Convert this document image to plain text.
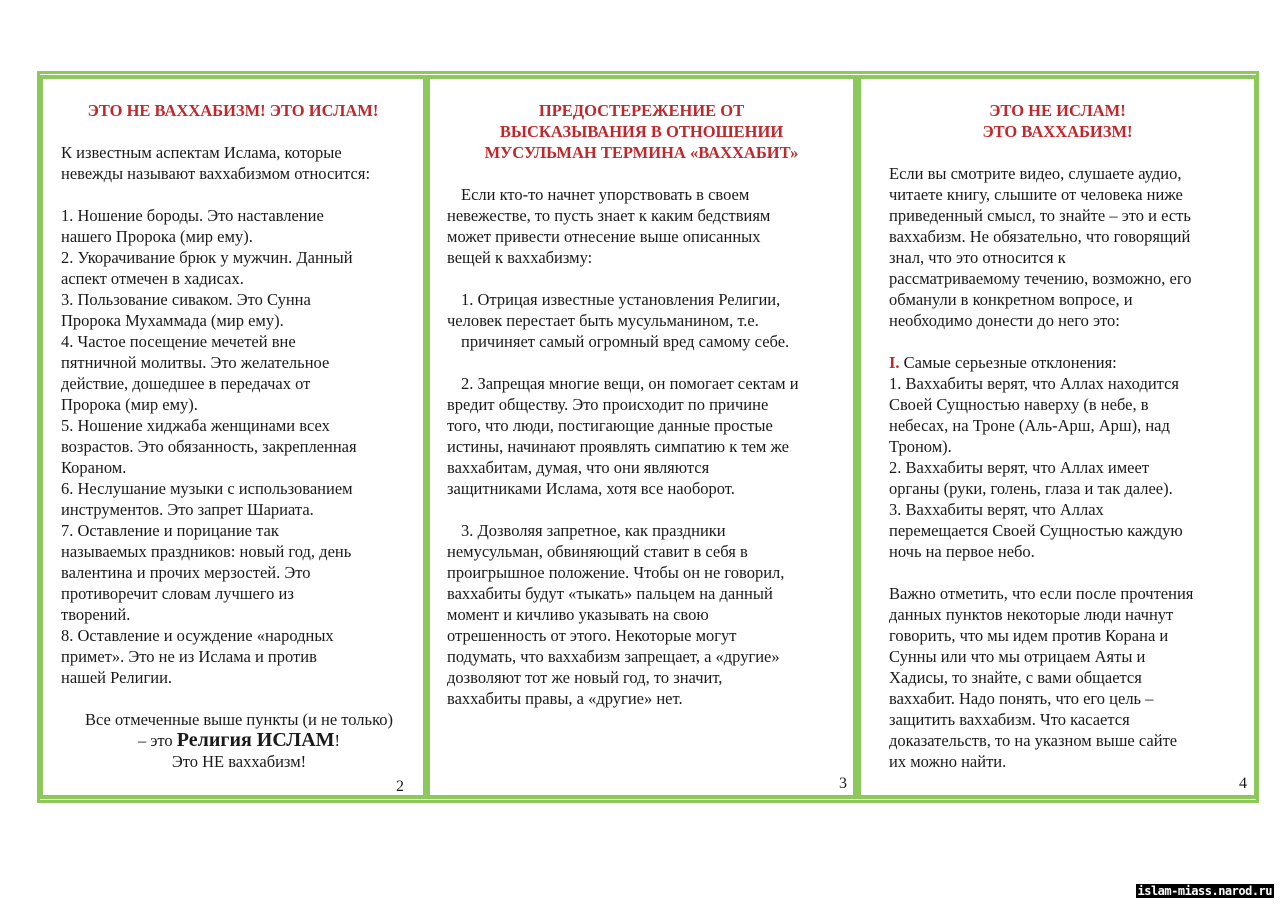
ЭТО НЕ ВАХХАБИЗМ! ЭТО ИСЛАМ!
К известным аспектам Ислама, которые
невежды называют ваххабизмом относится:
1. Ношение бороды. Это наставление
нашего Пророка (мир ему).
2. Укорачивание брюк у мужчин. Данный
аспект отмечен в хадисах.
3. Пользование сиваком. Это Сунна
Пророка Мухаммада (мир ему).
4. Частое посещение мечетей вне
пятничной молитвы. Это желательное
действие, дошедшее в передачах от
Пророка (мир ему).
5. Ношение хиджаба женщинами всех
возрастов. Это обязанность, закрепленная
Кораном.
6. Неслушание музыки с использованием
инструментов. Это запрет Шариата.
7. Оставление и порицание так
называемых праздников: новый год, день
валентина и прочих мерзостей. Это
противоречит словам лучшего из
творений.
8. Оставление и осуждение «народных
примет». Это не из Ислама и против
нашей Религии.
Все отмеченные выше пункты (и не только)
– это Религия ИСЛАМ!
Это НЕ ваххабизм!
2
ПРЕДОСТЕРЕЖЕНИЕ ОТ
ВЫСКАЗЫВАНИЯ В ОТНОШЕНИИ
МУСУЛЬМАН ТЕРМИНА «ВАХХАБИТ»
Если кто-то начнет упорствовать в своем
невежестве, то пусть знает к каким бедствиям
может привести отнесение выше описанных
вещей к ваххабизму:
1. Отрицая известные установления Религии,
человек перестает быть мусульманином, т.е.
причиняет самый огромный вред самому себе.
2. Запрещая многие вещи, он помогает сектам и
вредит обществу. Это происходит по причине
того, что люди, постигающие данные простые
истины, начинают проявлять симпатию к тем же
ваххабитам, думая, что они являются
защитниками Ислама, хотя все наоборот.
3. Дозволяя запретное, как праздники
немусульман, обвиняющий ставит в себя в
проигрышное положение. Чтобы он не говорил,
ваххабиты будут «тыкать» пальцем на данный
момент и кичливо указывать на свою
отрешенность от этого. Некоторые могут
подумать, что ваххабизм запрещает, а «другие»
дозволяют тот же новый год, то значит,
ваххабиты правы, а «другие» нет.
3
ЭТО НЕ ИСЛАМ!
ЭТО ВАХХАБИЗМ!
Если вы смотрите видео, слушаете аудио,
читаете книгу, слышите от человека ниже
приведенный смысл, то знайте – это и есть
ваххабизм. Не обязательно, что говорящий
знал, что это относится к
рассматриваемому течению, возможно, его
обманули в конкретном вопросе, и
необходимо донести до него это:
I. Самые серьезные отклонения:
1. Ваххабиты верят, что Аллах находится
Своей Сущностью наверху (в небе, в
небесах, на Троне (Аль-Арш, Арш), над
Троном).
2. Ваххабиты верят, что Аллах имеет
органы (руки, голень, глаза и так далее).
3. Ваххабиты верят, что Аллах
перемещается Своей Сущностью каждую
ночь на первое небо.
Важно отметить, что если после прочтения
данных пунктов некоторые люди начнут
говорить, что мы идем против Корана и
Сунны или что мы отрицаем Аяты и
Хадисы, то знайте, с вами общается
ваххабит. Надо понять, что его цель –
защитить ваххабизм. Что касается
доказательств, то на указном выше сайте
их можно найти.
4
islam-miass.narod.ru
